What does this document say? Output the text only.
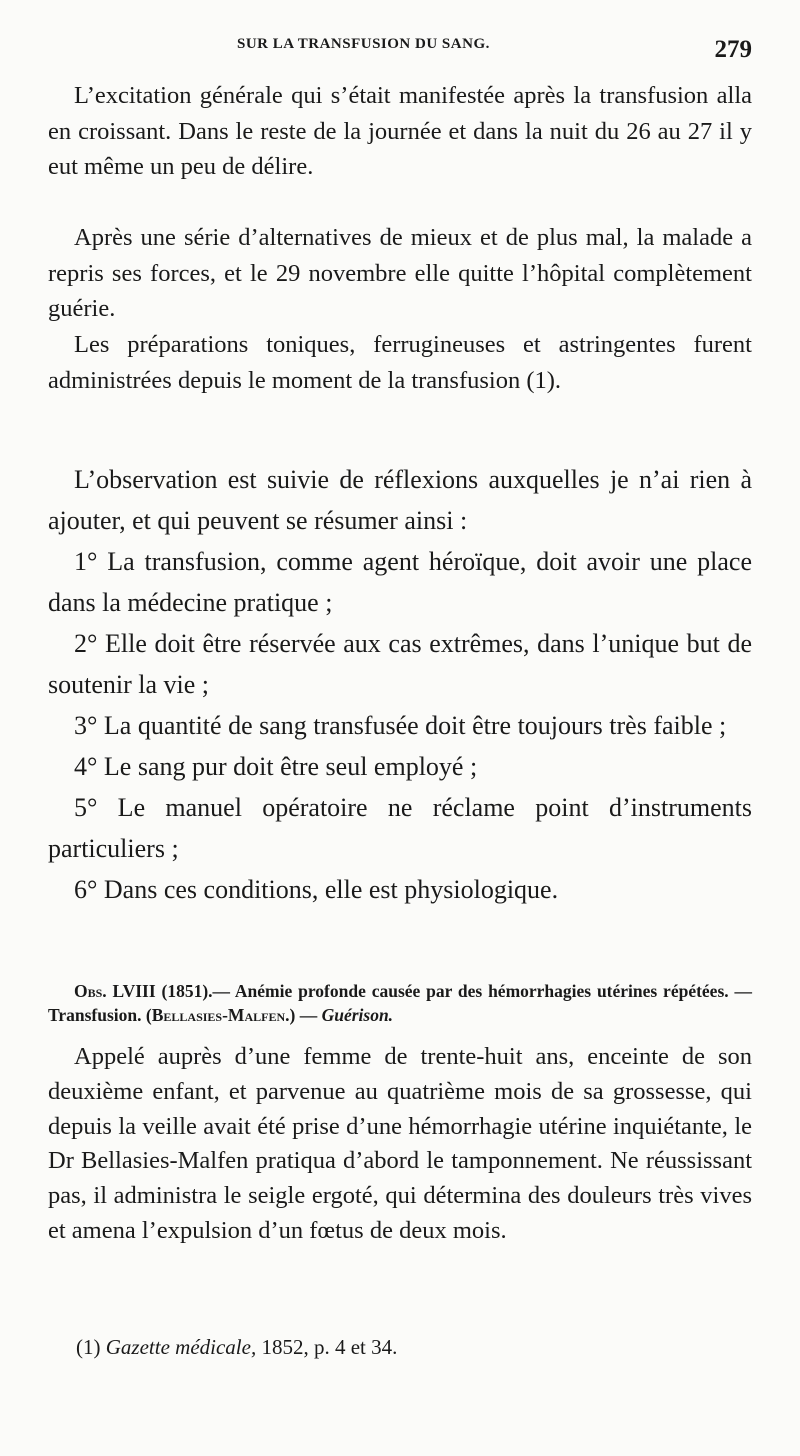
SUR LA TRANSFUSION DU SANG.	279

L’excitation générale qui s’était manifestée après la transfusion alla en croissant. Dans le reste de la journée et dans la nuit du 26 au 27 il y eut même un peu de délire.

Après une série d’alternatives de mieux et de plus mal, la malade a repris ses forces, et le 29 novembre elle quitte l’hôpital complètement guérie.

Les préparations toniques, ferrugineuses et astringentes furent administrées depuis le moment de la transfusion (1).

L’observation est suivie de réflexions auxquelles je n’ai rien à ajouter, et qui peuvent se résumer ainsi :

1° La transfusion, comme agent héroïque, doit avoir une place dans la médecine pratique ;

2° Elle doit être réservée aux cas extrêmes, dans l’unique but de soutenir la vie ;

3° La quantité de sang transfusée doit être toujours très faible ;

4° Le sang pur doit être seul employé ;

5° Le manuel opératoire ne réclame point d’instruments particuliers ;

6° Dans ces conditions, elle est physiologique.

Obs. LVIII (1851).— Anémie profonde causée par des hémorrhagies utérines répétées. — Transfusion. (Bellasies-Malfen.) — Guérison.

Appelé auprès d’une femme de trente-huit ans, enceinte de son deuxième enfant, et parvenue au quatrième mois de sa grossesse, qui depuis la veille avait été prise d’une hémorrhagie utérine inquiétante, le Dr Bellasies-Malfen pratiqua d’abord le tamponnement. Ne réussissant pas, il administra le seigle ergoté, qui détermina des douleurs très vives et amena l’expulsion d’un fœtus de deux mois.

(1) Gazette médicale, 1852, p. 4 et 34.
